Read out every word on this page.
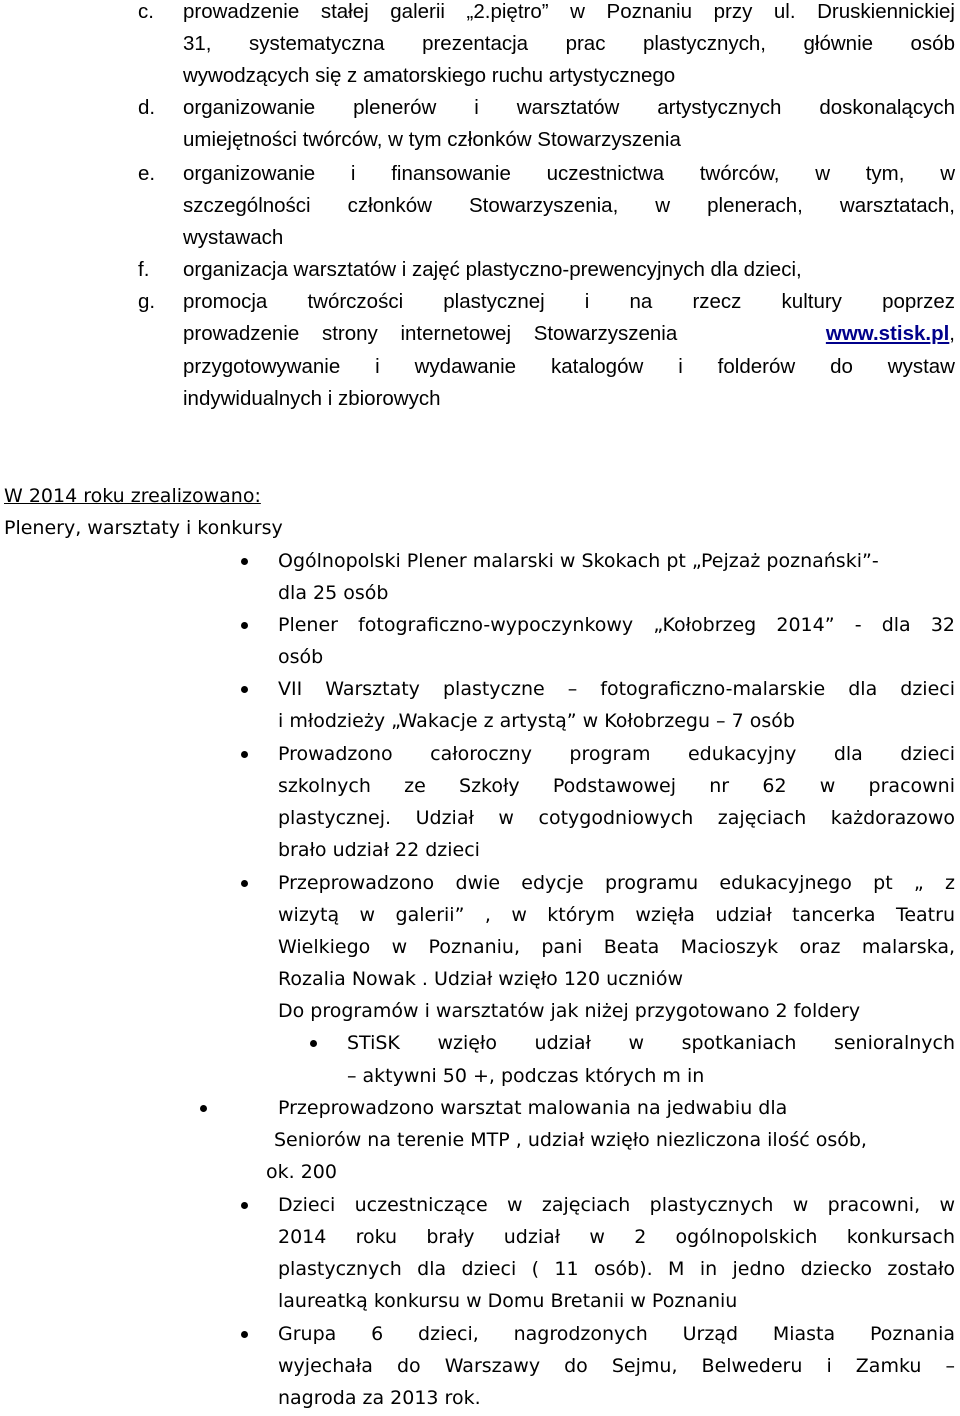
c. prowadzenie stałej galerii „2.piętro” w Poznaniu przy ul. Druskiennickiej
31, systematyczna prezentacja prac plastycznych, głównie osób
wywodzących się z amatorskiego ruchu artystycznego
d. organizowanie plenerów i warsztatów artystycznych doskonalących
umiejętności twórców, w tym członków Stowarzyszenia
e. organizowanie i finansowanie uczestnictwa twórców, w tym, w
szczególności członków Stowarzyszenia, w plenerach, warsztatach,
wystawach
f. organizacja warsztatów i zajęć plastyczno-prewencyjnych dla dzieci,
g. promocja twórczości plastycznej i na rzecz kultury poprzez
prowadzenie strony internetowej Stowarzyszenia	www.stisk.pl,
przygotowywanie i wydawanie katalogów i folderów do wystaw
indywidualnych i zbiorowych
W 2014 roku zrealizowano:
Plenery, warsztaty i konkursy
Ogólnopolski Plener malarski w Skokach pt „Pejzaż poznański”-
dla 25 osób
Plener fotograficzno-wypoczynkowy „Kołobrzeg 2014” - dla 32
osób
VII Warsztaty plastyczne – fotograficzno-malarskie dla dzieci
i młodzieży „Wakacje z artystą” w Kołobrzegu – 7 osób
Prowadzono całoroczny program edukacyjny dla dzieci
szkolnych ze Szkoły Podstawowej nr 62 w pracowni
plastycznej. Udział w cotygodniowych zajęciach każdorazowo
brało udział 22 dzieci
Przeprowadzono dwie edycje programu edukacyjnego pt „ z
wizytą w galerii” , w którym wzięła udział tancerka Teatru
Wielkiego w Poznaniu, pani Beata Macioszyk oraz malarska,
Rozalia Nowak . Udział wzięło 120 uczniów
Do programów i warsztatów jak niżej przygotowano 2 foldery
STiSK wzięło udział w spotkaniach senioralnych
– aktywni 50 +, podczas których m in
Przeprowadzono warsztat malowania na jedwabiu dla
Seniorów na terenie MTP , udział wzięło niezliczona ilość osób,
ok. 200
Dzieci uczestniczące w zajęciach plastycznych w pracowni, w
2014 roku brały udział w 2 ogólnopolskich konkursach
plastycznych dla dzieci ( 11 osób). M in jedno dziecko zostało
laureatką konkursu w Domu Bretanii w Poznaniu
Grupa 6 dzieci, nagrodzonych Urząd Miasta Poznania
wyjechała do Warszawy do Sejmu, Belwederu i Zamku –
nagroda za 2013 rok.
